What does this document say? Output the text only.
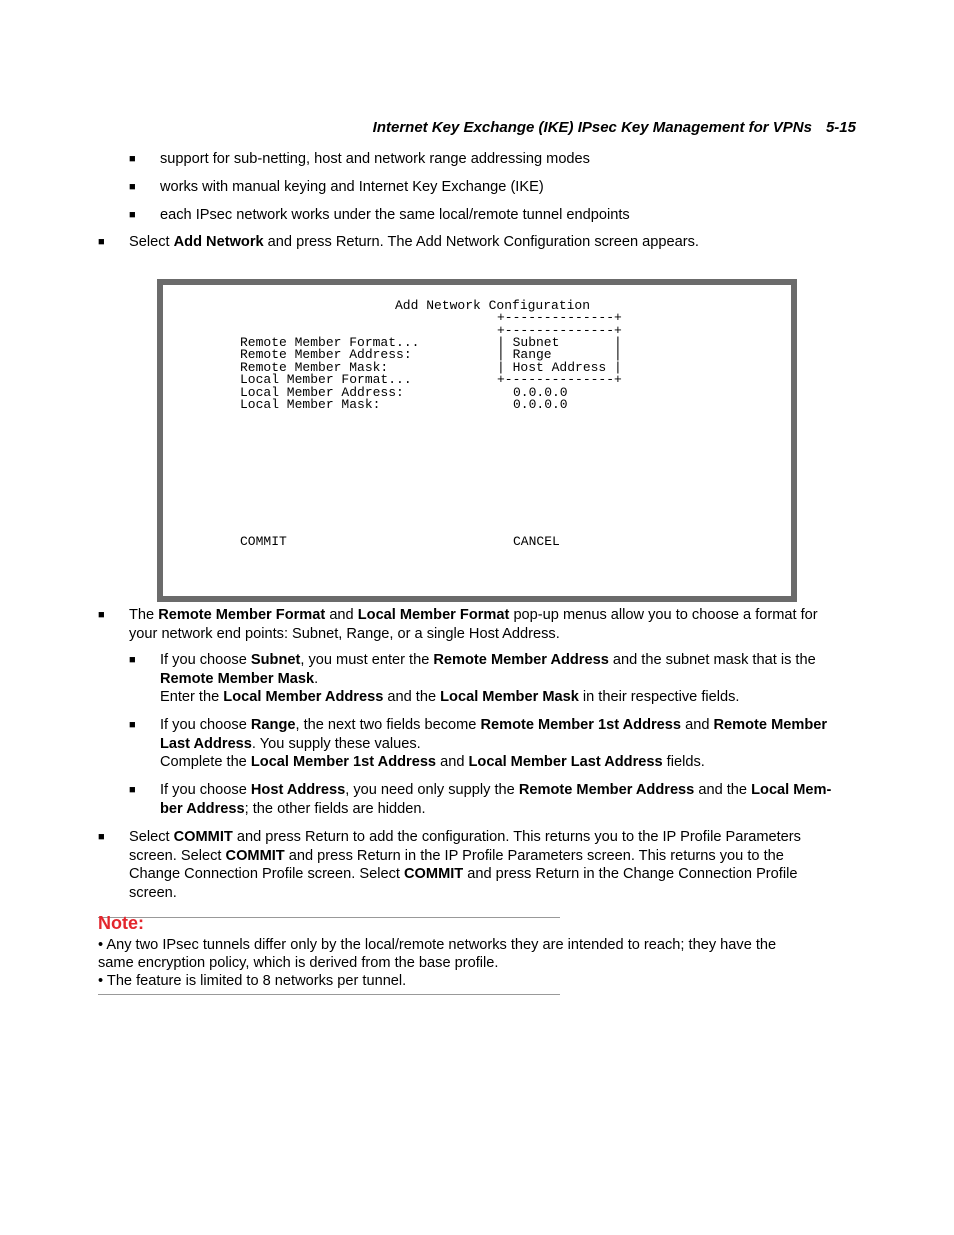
Internet Key Exchange (IKE) IPsec Key Management for VPNs 5-15
■ support for sub-netting, host and network range addressing modes
■ works with manual keying and Internet Key Exchange (IKE)
■ each IPsec network works under the same local/remote tunnel endpoints
■ Select Add Network and press Return. The Add Network Configuration screen appears.
Add Network Configuration
+--------------+
+--------------+
Remote Member Format...
Remote Member Address:
Remote Member Mask:
Local Member Format...
Local Member Address:
Local Member Mask:
| Subnet       |
| Range        |
| Host Address |
+--------------+
0.0.0.0
0.0.0.0
COMMIT	CANCEL
■ The Remote Member Format and Local Member Format pop-up menus allow you to choose a format for
your network end points: Subnet, Range, or a single Host Address.
■ If you choose Subnet, you must enter the Remote Member Address and the subnet mask that is the
Remote Member Mask.
Enter the Local Member Address and the Local Member Mask in their respective fields.
■ If you choose Range, the next two fields become Remote Member 1st Address and Remote Member
Last Address. You supply these values.
Complete the Local Member 1st Address and Local Member Last Address fields.
■ If you choose Host Address, you need only supply the Remote Member Address and the Local Mem-
ber Address; the other fields are hidden.
■ Select COMMIT and press Return to add the configuration. This returns you to the IP Profile Parameters
screen. Select COMMIT and press Return in the IP Profile Parameters screen. This returns you to the
Change Connection Profile screen. Select COMMIT and press Return in the Change Connection Profile
screen.
Note:
• Any two IPsec tunnels differ only by the local/remote networks they are intended to reach; they have the
same encryption policy, which is derived from the base profile.
• The feature is limited to 8 networks per tunnel.
